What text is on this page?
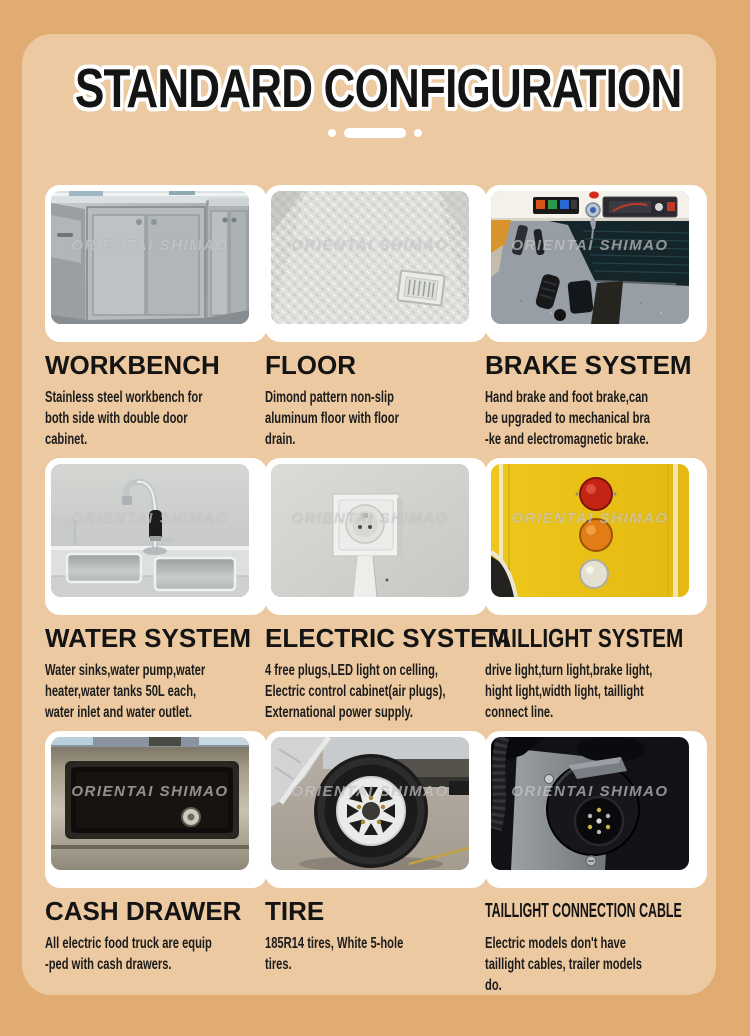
STANDARD CONFIGURATION
ORIENTAI SHIMAO
WORKBENCH
Stainless steel workbench for
both side with double door
cabinet.
ORIENTAI SHIMAO
FLOOR
Dimond pattern non-slip
aluminum floor with floor
drain.
ORIENTAI SHIMAO
BRAKE SYSTEM
Hand brake and foot brake,can
be upgraded to mechanical bra
-ke and electromagnetic brake.
ORIENTAI SHIMAO
WATER SYSTEM
Water sinks,water pump,water
heater,water tanks 50L each,
water inlet and water outlet.
ORIENTAI SHIMAO
ELECTRIC SYSTEM
4 free plugs,LED light on celling,
Electric control cabinet(air plugs),
Externational power supply.
ORIENTAI SHIMAO
TAILLIGHT SYSTEM
drive light,turn light,brake light,
hight light,width light, taillight
connect line.
ORIENTAI SHIMAO
CASH DRAWER
All electric food truck are equip
-ped with cash drawers.
ORIENTAI SHIMAO
TIRE
185R14 tires, White 5-hole
tires.
ORIENTAI SHIMAO
TAILLIGHT CONNECTION CABLE
Electric models don't have
taillight cables, trailer models
do.
